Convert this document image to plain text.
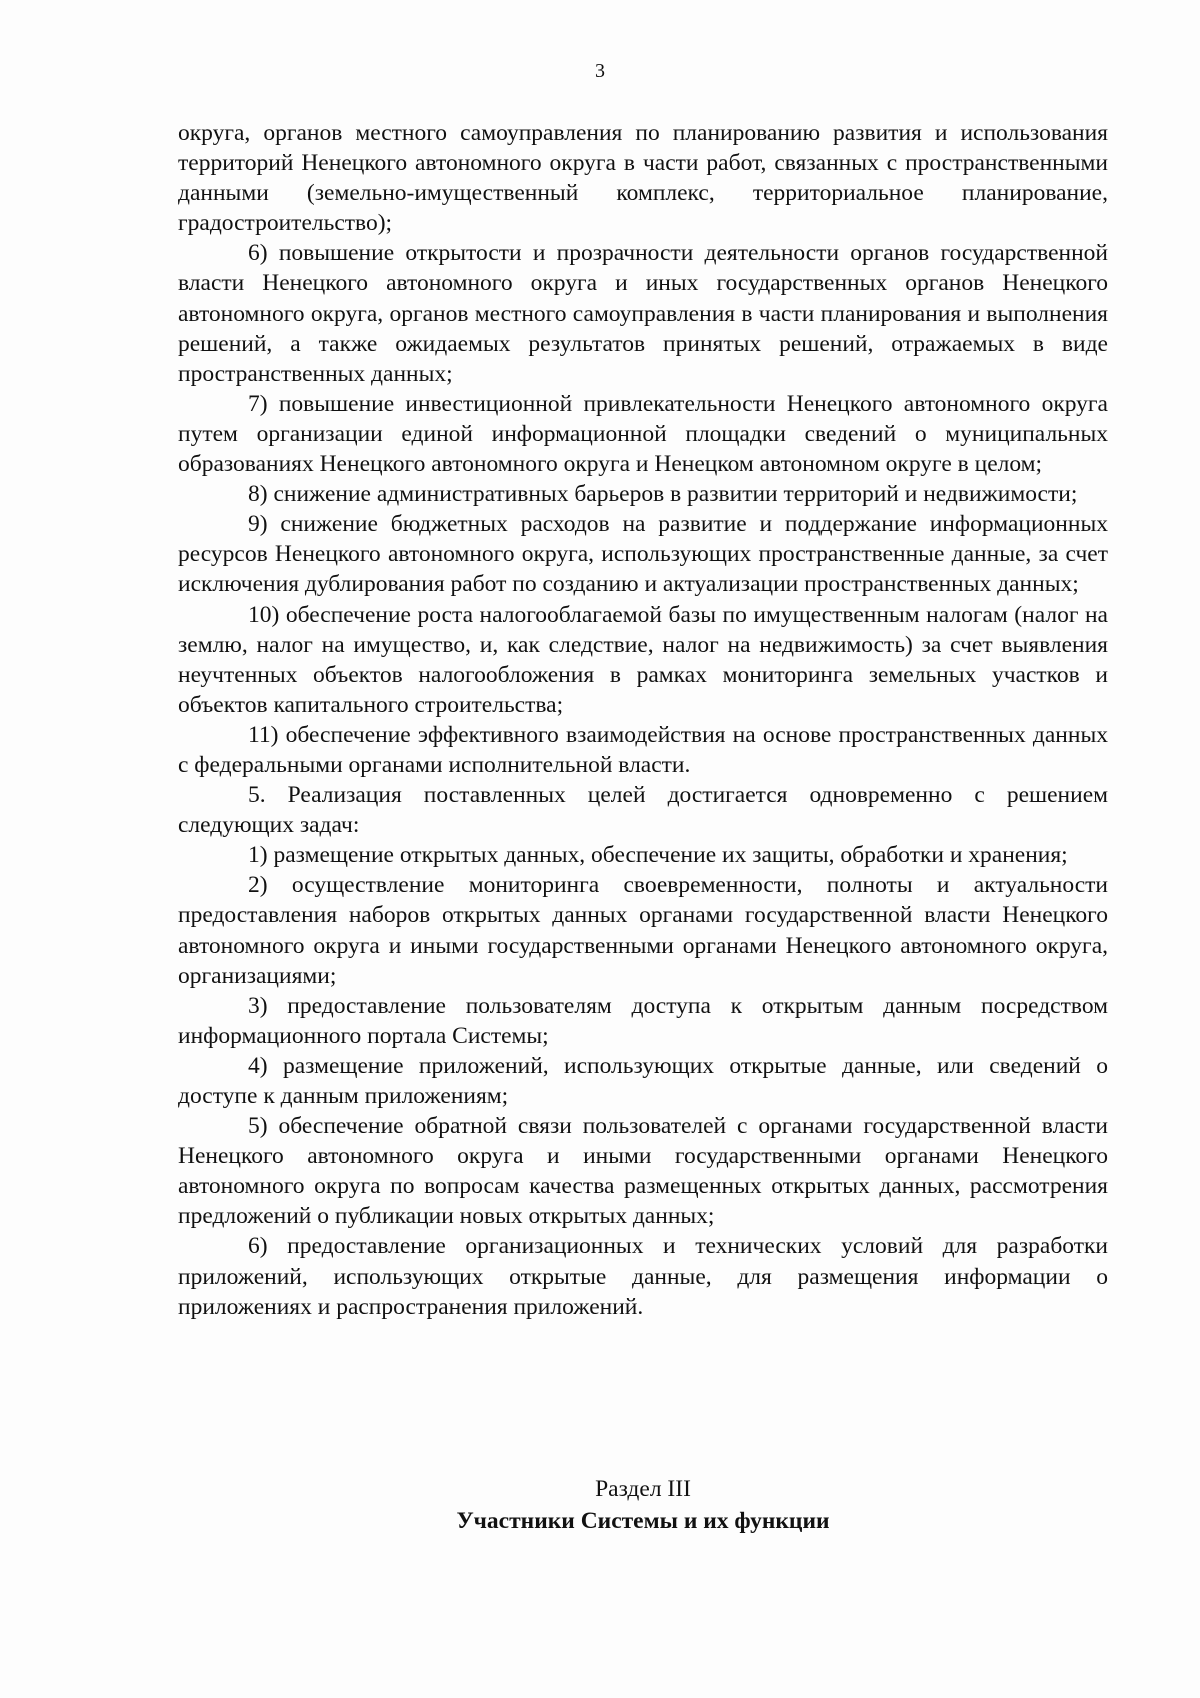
3

округа, органов местного самоуправления по планированию развития и использования территорий Ненецкого автономного округа в части работ, связанных с пространственными данными (земельно-имущественный комплекс, территориальное планирование, градостроительство);

6) повышение открытости и прозрачности деятельности органов государственной власти Ненецкого автономного округа и иных государственных органов Ненецкого автономного округа, органов местного самоуправления в части планирования и выполнения решений, а также ожидаемых результатов принятых решений, отражаемых в виде пространственных данных;

7) повышение инвестиционной привлекательности Ненецкого автономного округа путем организации единой информационной площадки сведений о муниципальных образованиях Ненецкого автономного округа и Ненецком автономном округе в целом;

8) снижение административных барьеров в развитии территорий и недвижимости;

9) снижение бюджетных расходов на развитие и поддержание информационных ресурсов Ненецкого автономного округа, использующих пространственные данные, за счет исключения дублирования работ по созданию и актуализации пространственных данных;

10) обеспечение роста налогооблагаемой базы по имущественным налогам (налог на землю, налог на имущество, и, как следствие, налог на недвижимость) за счет выявления неучтенных объектов налогообложения в рамках мониторинга земельных участков и объектов капитального строительства;

11) обеспечение эффективного взаимодействия на основе пространственных данных с федеральными органами исполнительной власти.

5. Реализация поставленных целей достигается одновременно с решением следующих задач:

1) размещение открытых данных, обеспечение их защиты, обработки и хранения;

2) осуществление мониторинга своевременности, полноты и актуальности предоставления наборов открытых данных органами государственной власти Ненецкого автономного округа и иными государственными органами Ненецкого автономного округа, организациями;

3) предоставление пользователям доступа к открытым данным посредством информационного портала Системы;

4) размещение приложений, использующих открытые данные, или сведений о доступе к данным приложениям;

5) обеспечение обратной связи пользователей с органами государственной власти Ненецкого автономного округа и иными государственными органами Ненецкого автономного округа по вопросам качества размещенных открытых данных, рассмотрения предложений о публикации новых открытых данных;

6) предоставление организационных и технических условий для разработки приложений, использующих открытые данные, для размещения информации о приложениях и распространения приложений.

Раздел III
Участники Системы и их функции
